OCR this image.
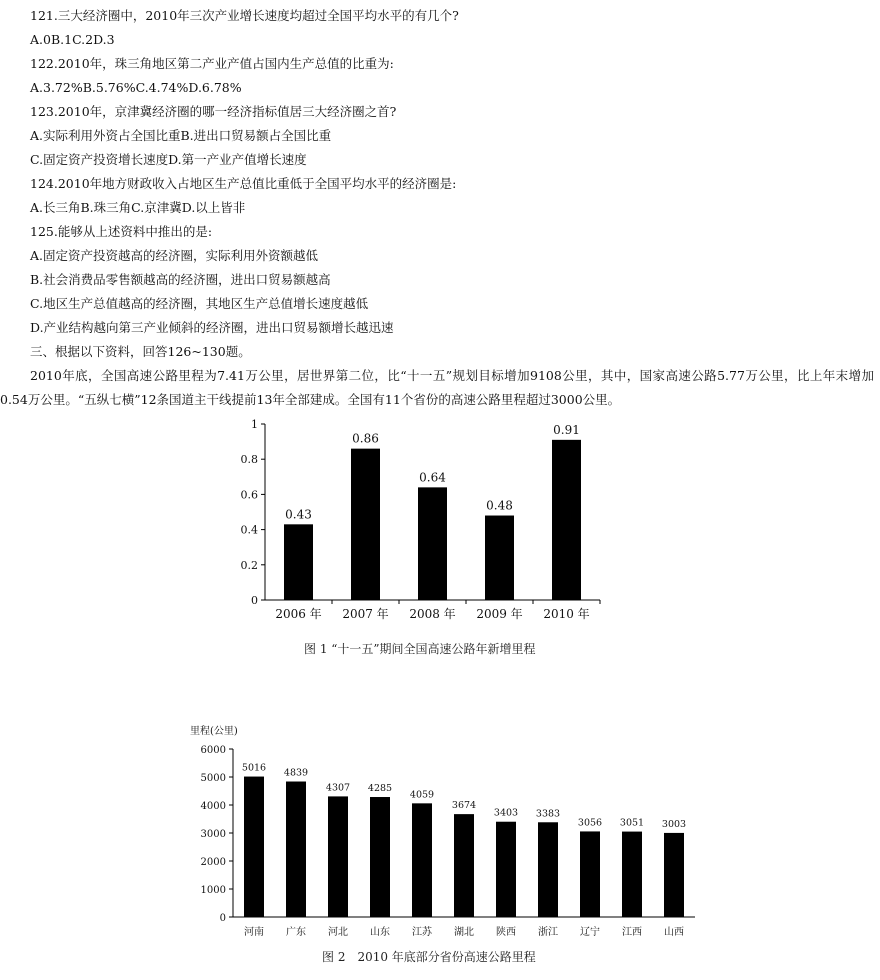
121.三大经济圈中，2010年三次产业增长速度均超过全国平均水平的有几个?
A.0B.1C.2D.3
122.2010年，珠三角地区第二产业产值占国内生产总值的比重为:
A.3.72%B.5.76%C.4.74%D.6.78%
123.2010年，京津冀经济圈的哪一经济指标值居三大经济圈之首?
A.实际利用外资占全国比重B.进出口贸易额占全国比重
C.固定资产投资增长速度D.第一产业产值增长速度
124.2010年地方财政收入占地区生产总值比重低于全国平均水平的经济圈是:
A.长三角B.珠三角C.京津冀D.以上皆非
125.能够从上述资料中推出的是:
A.固定资产投资越高的经济圈，实际利用外资额越低
B.社会消费品零售额越高的经济圈，进出口贸易额越高
C.地区生产总值越高的经济圈，其地区生产总值增长速度越低
D.产业结构越向第三产业倾斜的经济圈，进出口贸易额增长越迅速
三、根据以下资料，回答126~130题。
2010年底，全国高速公路里程为7.41万公里，居世界第二位，比“十一五”规划目标增加9108公里，其中，国家高速公路5.77万公里，比上年末增加0.54万公里。“五纵七横”12条国道主干线提前13年全部建成。全国有11个省份的高速公路里程超过3000公里。
0
0.2
0.4
0.6
0.8
1
0.43
2006 年
0.86
2007 年
0.64
2008 年
0.48
2009 年
0.91
2010 年
图 1 “十一五”期间全国高速公路年新增里程
0
1000
2000
3000
4000
5000
6000
5016
河南
4839
广东
4307
河北
4285
山东
4059
江苏
3674
湖北
3403
陕西
3383
浙江
3056
辽宁
3051
江西
3003
山西
里程(公里)
图 2　2010 年底部分省份高速公路里程
